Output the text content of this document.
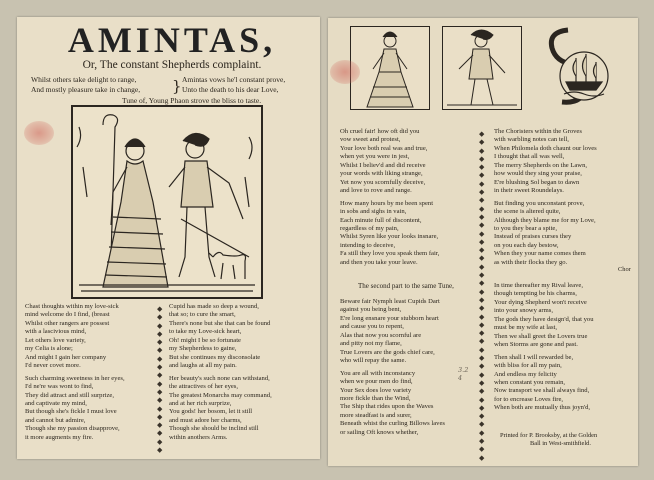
AMINTAS,
Or, The constant Shepherds complaint.
Whilst others take delight to range,
And mostly pleasure take in change, } Amintas vows he'l constant prove,
Unto the death to his dear Love,
Tune of, Young Phaon strove the bliss to taste.
Chast thoughts within my love-sick
mind welcome do I find, (breast
Whilst other rangers are possest
with a lascivious mind,
Let others love variety,
my Celia is alone;
And might I gain her company
I'd never covet more.
Such charming sweetness in her eyes,
I'd ne're was wont to find,
They did attract and still surprize,
and captivate my mind,
But though she's fickle I must love
and cannot but admire,
Though she my passion disapprove,
it more augments my fire.
◆
◆
◆
◆
◆
◆
◆
◆
◆
◆
◆
◆
◆
◆
◆
◆
◆
◆
Cupid has made so deep a wound,
that so; to cure the smart,
There's none but she that can be found
to take my Love-sick heart,
Oh! might I be so fortunate
my Shepherdess to gaine,
But she continues my disconsolate
and laughs at all my pain.
Her beauty's such none can withstand,
the attractives of her eyes,
The greatest Monarchs may command,
and at her rich surprize,
You gods! her bosom, let it still
and must adore her charms,
Though she should be inclind still
within anothers Arms.
Oh cruel fair! how oft did you
vow sweet and protest,
Your love both real was and true,
when yet you were in jest,
Whilst I believ'd and did receive
your words with liking strange,
Yet now you scornfully deceive,
and love to rove and range.
How many hours by me been spent
in sobs and sighs in vain,
Each minute full of discontent,
regardless of my pain,
Whilst Syren like your looks insnare,
intending to deceive,
Fa still they love you speak them fair,
and then you take your leave.
The second part to the same Tune,
Beware fair Nymph least Cupids Dart
against you being bent,
E're long ensnare your stubborn heart
and cause you to repent,
Alas that now you scornful are
and pitty not my flame,
True Lovers are the gods chief care,
who will repay the same.
You are all with inconstancy
when we pour men do find,
Your Sex does love variety
more fickle than the Wind,
The Ship that rides upon the Waves
more steadfast is and surer,
Beneath whist the curling Billows laves
or sailing Oft knows whether,
3.2
4
◆
◆
◆
◆
◆
◆
◆
◆
◆
◆
◆
◆
◆
◆
◆
◆
◆
◆
◆
◆
◆
◆
◆
◆
◆
◆
◆
◆
◆
◆
◆
◆
◆
◆
◆
◆
◆
◆
◆
◆
The Choristers within the Groves
with warbling notes can tell,
When Philomela doth chaunt our loves
I thought that all was well,
The merry Shepherds on the Lawn,
how would they sing your praise,
E're blushing Sol began to dawn
in their sweet Roundelays.
But finding you unconstant prove,
the scene is altered quite,
Although they blame me for my Love,
to you they bear a spite,
Instead of praises curses they
on you each day bestow,
When they your name comes them
as with their flocks they go.
Chor
In time thereafter my Rival leave,
though tempting be his charms,
Your dying Shepherd won't receive
into your snowy arms,
The gods they have design'd, that you
must be my wife at last,
Then we shall greet the Lovers true
when Storms are gone and past.
Then shall I will rewarded be,
with bliss for all my pain,
And endless my felicity
when constant you remain,
Now transport we shall always find,
for to encrease Loves fire,
When both are mutually thus joyn'd,
Printed for P. Brooksby, at the Golden
Ball in West-smithfield.
